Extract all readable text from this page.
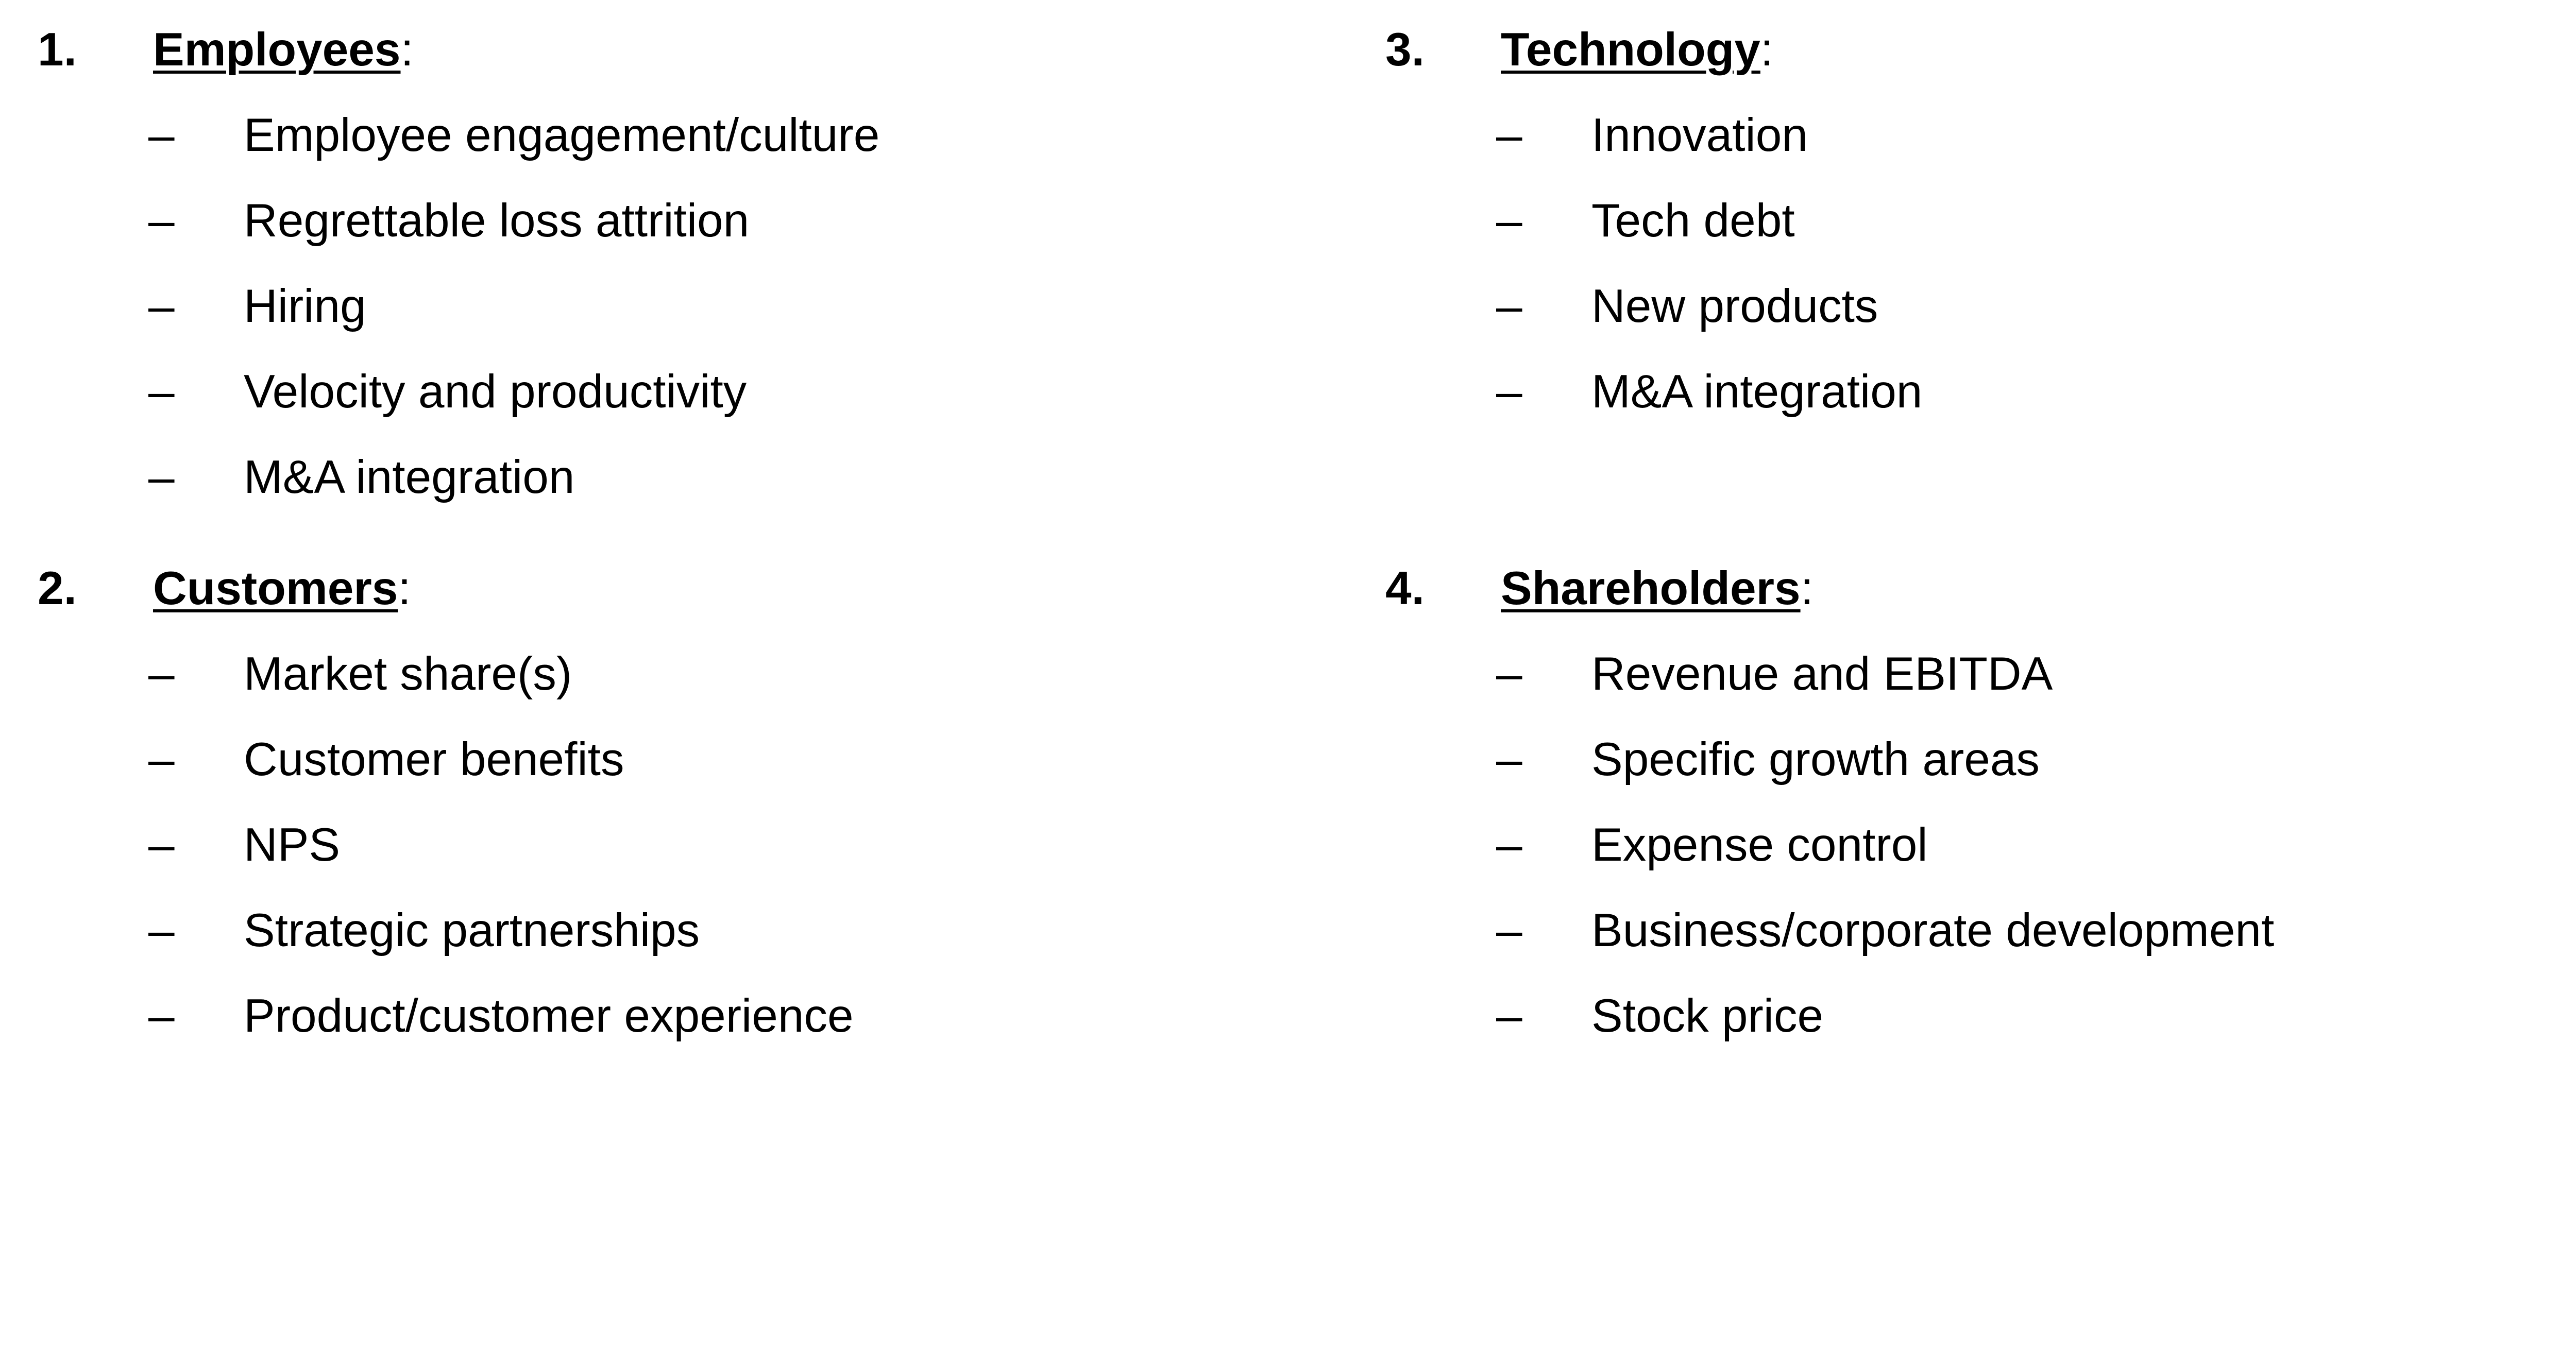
1. Employees:
– Employee engagement/culture
– Regrettable loss attrition
– Hiring
– Velocity and productivity
– M&A integration
2. Customers:
– Market share(s)
– Customer benefits
– NPS
– Strategic partnerships
– Product/customer experience
3. Technology:
– Innovation
– Tech debt
– New products
– M&A integration
4. Shareholders:
– Revenue and EBITDA
– Specific growth areas
– Expense control
– Business/corporate development
– Stock price
